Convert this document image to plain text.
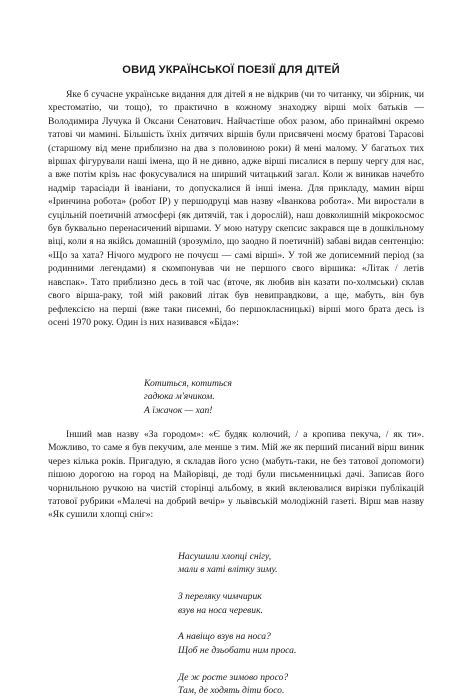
ОВИД УКРАЇНСЬКОЇ ПОЕЗІЇ ДЛЯ ДІТЕЙ

Яке б сучасне українське видання для дітей я не відкрив (чи то читанку, чи збірник, чи хрестоматію, чи тощо), то практично в кожному знаходжу вірші моїх батьків — Володимира Лучука й Оксани Сенатович. Найчастіше обох разом, або принаймні окремо татові чи мамині. Більшість їхніх дитячих віршів були присвячені моєму братові Тарасові (старшому від мене приблизно на два з половиною роки) й мені малому. У багатьох тих віршах фігурували наші імена, що й не дивно, адже вірші писалися в першу чергу для нас, а вже потім крізь нас фокусувалися на ширший читацький загал. Коли ж виникав начебто надмір тарасіади й іваніани, то допускалися й інші імена. Для прикладу, мамин вірш «Іринчина робота» (робот ІР) у першодруці мав назву «Іванкова робота». Ми виростали в суцільній поетичній атмосфері (як дитячій, так і дорослій), наш довколишній мікрокосмос був буквально перенасичений віршами. У мою натуру скепсис закрався ще в дошкільному віці, коли я на якійсь домашній (зрозуміло, що заодно й поетичній) забаві видав сентенцію: «Що за хата? Нічого мудрого не почуєш — самі вірші». У той же дописемний період (за родинними легендами) я скомпонував чи не першого свого віршика: «Літак / летів навспак». Тато приблизно десь в той час (вточе, як любив він казати по-холмськи) склав свого вірша-раку, той мій раковий літак був невиправдкови, а ще, мабуть, він був рефлексією на перші (вже таки писемні, бо першокласницькі) вірші мого брата десь із осені 1970 року. Один із них називався «Біда»:

Котиться, котиться
гадюка м'ячиком.
А їжачок — хап!

Інший мав назву «За городом»: «Є будяк колючий, / а кропива пекуча, / як ти». Можливо, то саме я був пекучим, але менше з тим. Мій же як перший писаний вірш виник через кілька років. Пригадую, я складав його усно (мабуть-таки, не без татової допомоги) пішою дорогою на город на Майорівці, де тоді були письменницькі дачі. Записав його чорнильною ручкою на чистій сторінці альбому, в який вклеювалися вирізки публікацій татової рубрики «Малечі на добрий вечір» у львівській молодіжній газеті. Вірш мав назву «Як сушили хлопці сніг»:

Насушили хлопці снігу,
мали в хаті влітку зиму.
З переляку чимчирик
взув на носа черевик.
А навіщо взув на носа?
Щоб не дзьобати ним проса.
Де ж росте зимово просо?
Там, де ходять діти босо.
